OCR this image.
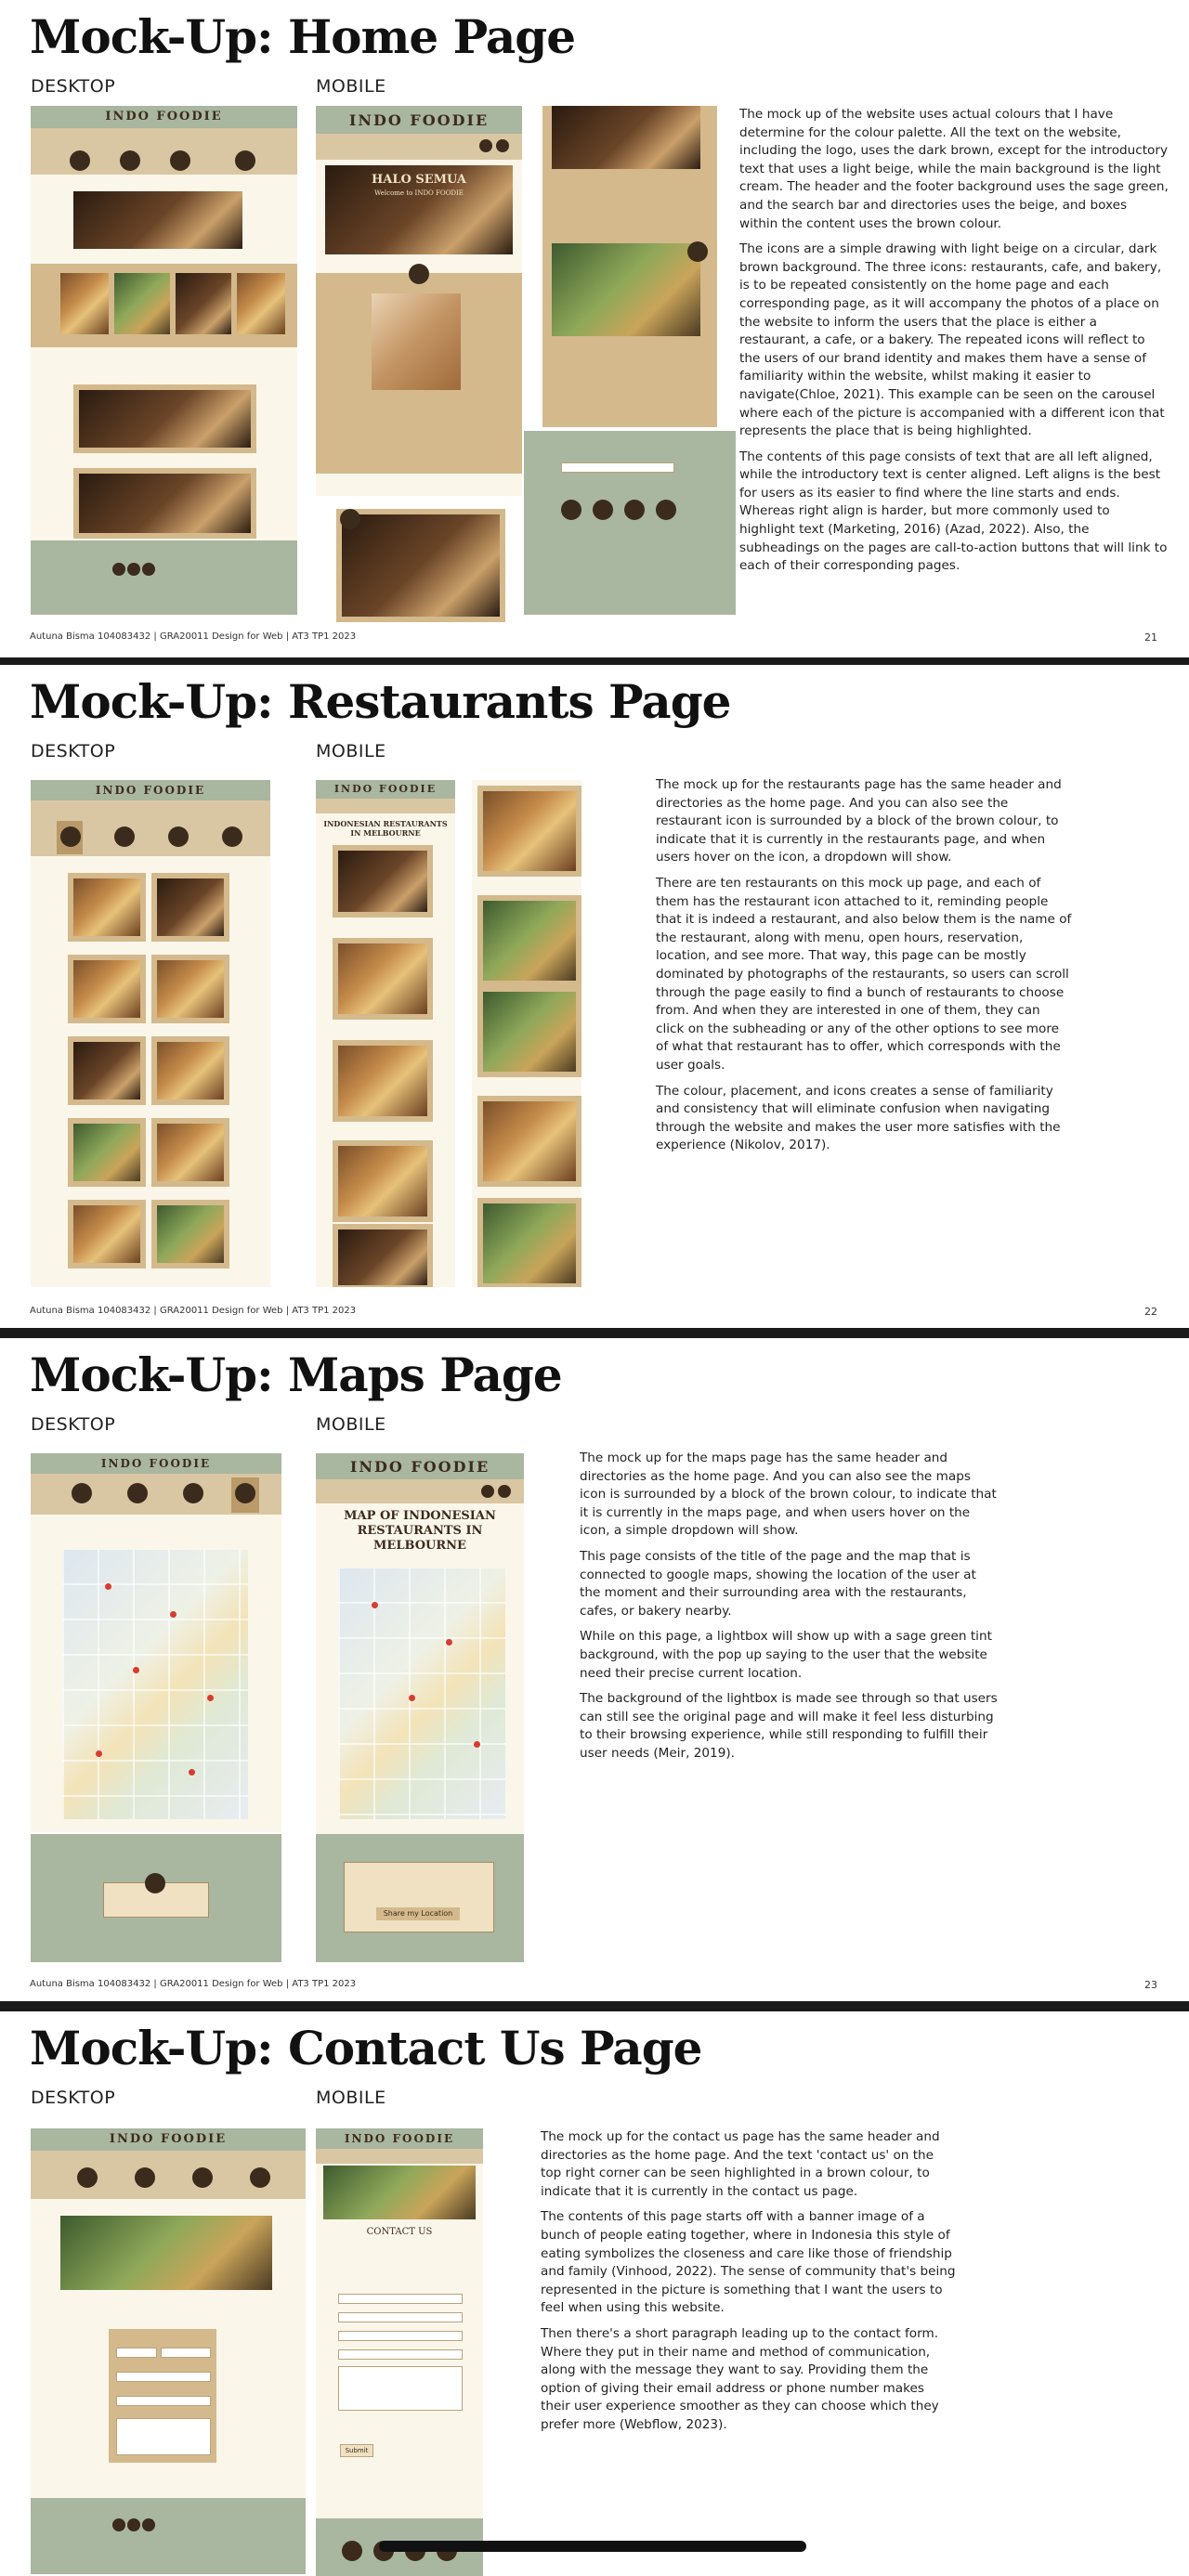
Mock-Up: Home Page
DESKTOP	MOBILE
INDO FOODIE	INDO FOODIE
HALO SEMUA
Welcome to INDO FOODIE

The mock up of the website uses actual colours that I have determine for the colour palette. All the text on the website, including the logo, uses the dark brown, except for the introductory text that uses a light beige, while the main background is the light cream. The header and the footer background uses the sage green, and the search bar and directories uses the beige, and boxes within the content uses the brown colour.

The icons are a simple drawing with light beige on a circular, dark brown background. The three icons: restaurants, cafe, and bakery, is to be repeated consistently on the home page and each corresponding page, as it will accompany the photos of a place on the website to inform the users that the place is either a restaurant, a cafe, or a bakery. The repeated icons will reflect to the users of our brand identity and makes them have a sense of familiarity within the website, whilst making it easier to navigate(Chloe, 2021). This example can be seen on the carousel where each of the picture is accompanied with a different icon that represents the place that is being highlighted.

The contents of this page consists of text that are all left aligned, while the introductory text is center aligned. Left aligns is the best for users as its easier to find where the line starts and ends. Whereas right align is harder, but more commonly used to highlight text (Marketing, 2016) (Azad, 2022). Also, the subheadings on the pages are call-to-action buttons that will link to each of their corresponding pages.

Autuna Bisma 104083432 | GRA20011 Design for Web | AT3 TP1 2023	21
Mock-Up: Restaurants Page
DESKTOP	MOBILE
INDO FOODIE	INDO FOODIE
INDONESIAN RESTAURANTS IN MELBOURNE

The mock up for the restaurants page has the same header and directories as the home page. And you can also see the restaurant icon is surrounded by a block of the brown colour, to indicate that it is currently in the restaurants page, and when users hover on the icon, a dropdown will show.

There are ten restaurants on this mock up page, and each of them has the restaurant icon attached to it, reminding people that it is indeed a restaurant, and also below them is the name of the restaurant, along with menu, open hours, reservation, location, and see more. That way, this page can be mostly dominated by photographs of the restaurants, so users can scroll through the page easily to find a bunch of restaurants to choose from. And when they are interested in one of them, they can click on the subheading or any of the other options to see more of what that restaurant has to offer, which corresponds with the user goals.

The colour, placement, and icons creates a sense of familiarity and consistency that will eliminate confusion when navigating through the website and makes the user more satisfies with the experience (Nikolov, 2017).

Autuna Bisma 104083432 | GRA20011 Design for Web | AT3 TP1 2023	22
Mock-Up: Maps Page
DESKTOP	MOBILE
INDO FOODIE	INDO FOODIE
MAP OF INDONESIAN RESTAURANTS IN MELBOURNE
Share my Location

The mock up for the maps page has the same header and directories as the home page. And you can also see the maps icon is surrounded by a block of the brown colour, to indicate that it is currently in the maps page, and when users hover on the icon, a simple dropdown will show.

This page consists of the title of the page and the map that is connected to google maps, showing the location of the user at the moment and their surrounding area with the restaurants, cafes, or bakery nearby.

While on this page, a lightbox will show up with a sage green tint background, with the pop up saying to the user that the website need their precise current location.

The background of the lightbox is made see through so that users can still see the original page and will make it feel less disturbing to their browsing experience, while still responding to fulfill their user needs (Meir, 2019).

Autuna Bisma 104083432 | GRA20011 Design for Web | AT3 TP1 2023	23
Mock-Up: Contact Us Page
DESKTOP	MOBILE
INDO FOODIE	INDO FOODIE
CONTACT US
Submit

The mock up for the contact us page has the same header and directories as the home page. And the text 'contact us' on the top right corner can be seen highlighted in a brown colour, to indicate that it is currently in the contact us page.

The contents of this page starts off with a banner image of a bunch of people eating together, where in Indonesia this style of eating symbolizes the closeness and care like those of friendship and family (Vinhood, 2022). The sense of community that's being represented in the picture is something that I want the users to feel when using this website.

Then there's a short paragraph leading up to the contact form. Where they put in their name and method of communication, along with the message they want to say. Providing them the option of giving their email address or phone number makes their user experience smoother as they can choose which they prefer more (Webflow, 2023).
